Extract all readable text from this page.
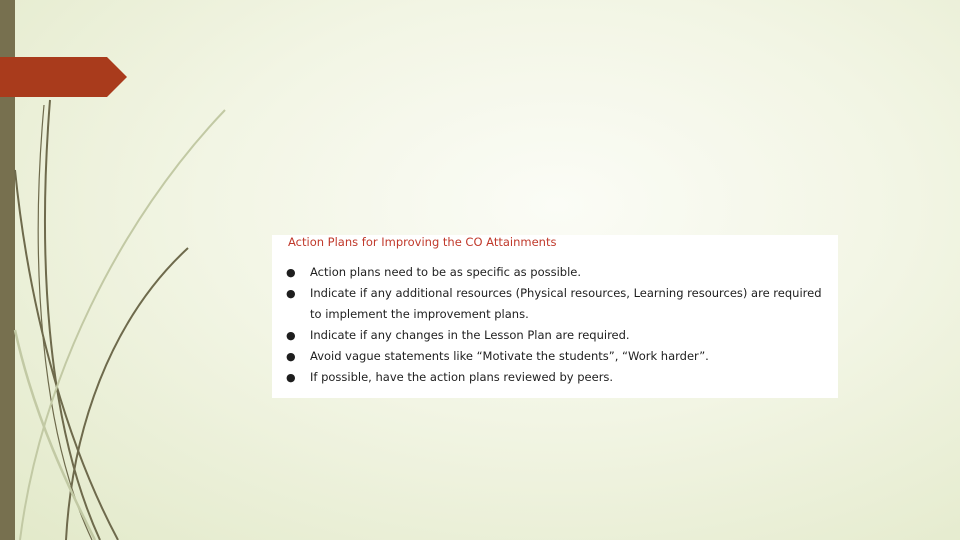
Action Plans for Improving the CO Attainments
● Action plans need to be as specific as possible.
● Indicate if any additional resources (Physical resources, Learning resources) are required to implement the improvement plans.
● Indicate if any changes in the Lesson Plan are required.
● Avoid vague statements like “Motivate the students”, “Work harder”.
● If possible, have the action plans reviewed by peers.
